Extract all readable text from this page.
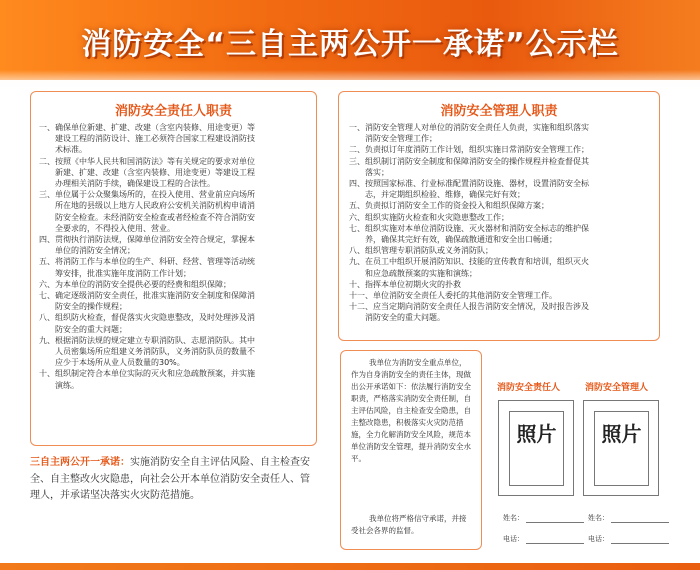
消防安全“三自主两公开一承诺”公示栏
消防安全责任人职责
一、确保单位新建、扩建、改建（含室内装修、用途变更）等
　　建设工程的消防设计、施工必须符合国家工程建设消防技
　　术标准。
二、按照《中华人民共和国消防法》等有关规定的要求对单位
　　新建、扩建、改建（含室内装修、用途变更）等建设工程
　　办理相关消防手续，确保建设工程的合法性。
三、单位属于公众聚集场所的，在投入使用、营业前应向场所
　　所在地的县级以上地方人民政府公安机关消防机构申请消
　　防安全检查。未经消防安全检查或者经检查不符合消防安
　　全要求的，不得投入使用、营业。
四、贯彻执行消防法规，保障单位消防安全符合规定，掌握本
　　单位的消防安全情况；
五、将消防工作与本单位的生产、科研、经营、管理等活动统
　　筹安排，批准实施年度消防工作计划；
六、为本单位的消防安全提供必要的经费和组织保障；
七、确定逐级消防安全责任，批准实施消防安全制度和保障消
　　防安全的操作规程；
八、组织防火检查，督促落实火灾隐患整改，及时处理涉及消
　　防安全的重大问题；
九、根据消防法规的规定建立专职消防队、志愿消防队。其中
　　人员密集场所应组建义务消防队，义务消防队员的数量不
　　应少于本场所从业人员数量的30%。
十、组织制定符合本单位实际的灭火和应急疏散预案，并实施
　　演练。
消防安全管理人职责
一、消防安全管理人对单位的消防安全责任人负责，实施和组织落实
　　消防安全管理工作；
二、负责拟订年度消防工作计划，组织实施日常消防安全管理工作；
三、组织制订消防安全制度和保障消防安全的操作规程并检查督促其
　　落实；
四、按照国家标准、行业标准配置消防设施、器材，设置消防安全标
　　志，并定期组织检验、维修，确保完好有效；
五、负责拟订消防安全工作的资金投入和组织保障方案；
六、组织实施防火检查和火灾隐患整改工作；
七、组织实施对本单位消防设施、灭火器材和消防安全标志的维护保
　　养，确保其完好有效，确保疏散通道和安全出口畅通；
八、组织管理专职消防队或义务消防队；
九、在员工中组织开展消防知识、技能的宣传教育和培训，组织灭火
　　和应急疏散预案的实施和演练；
十、指挥本单位初期火灾的扑救
十一、单位消防安全责任人委托的其他消防安全管理工作。
十二、应当定期向消防安全责任人报告消防安全情况，及时报告涉及
　　消防安全的重大问题。

三自主两公开一承诺：实施消防安全自主评估风险、自主检查安全、自主整改火灾隐患，向社会公开本单位消防安全责任人、管理人，并承诺坚决落实火灾防范措施。

我单位为消防安全重点单位，作为自身消防安全的责任主体，现做出公开承诺如下：依法履行消防安全职责，严格落实消防安全责任制，自主评估风险，自主检查安全隐患，自主整改隐患，积极落实火灾防范措施，全力化解消防安全风险，规范本单位消防安全管理，提升消防安全水平。

我单位将严格信守承诺，并接受社会各界的监督。

消防安全责任人	消防安全管理人
照片	照片
姓名：
电话：
姓名：
电话：
